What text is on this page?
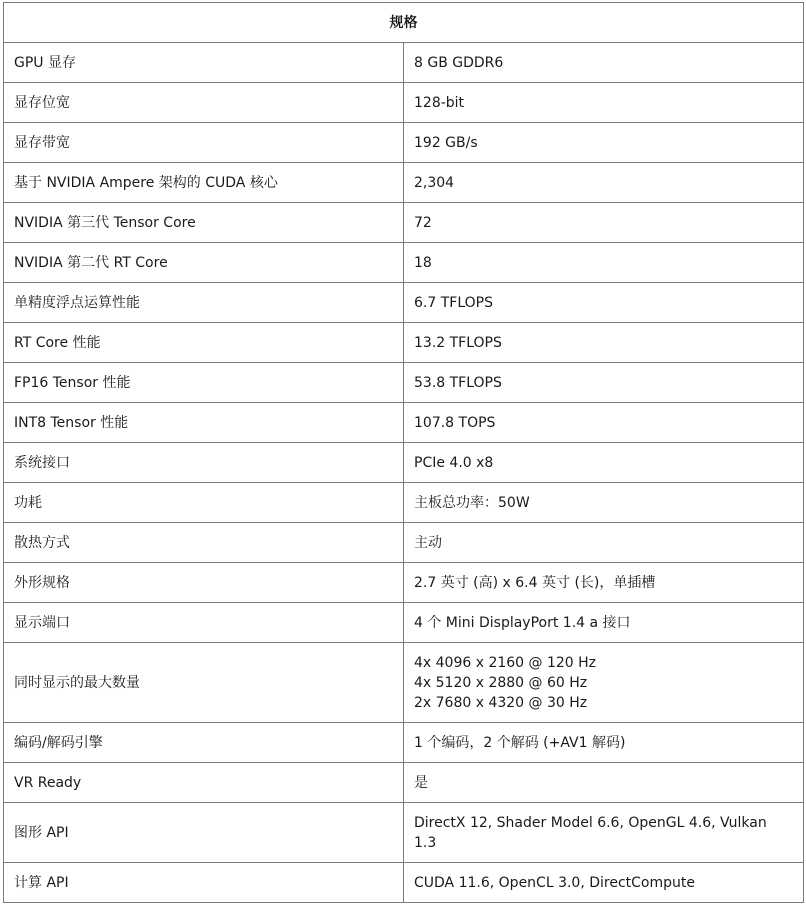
规格	
GPU 显存	8 GB GDDR6
显存位宽	128-bit
显存带宽	192 GB/s
基于 NVIDIA Ampere 架构的 CUDA 核心	2,304
NVIDIA 第三代 Tensor Core	72
NVIDIA 第二代 RT Core	18
单精度浮点运算性能	6.7 TFLOPS
RT Core 性能	13.2 TFLOPS
FP16 Tensor 性能	53.8 TFLOPS
INT8 Tensor 性能	107.8 TOPS
系统接口	PCIe 4.0 x8
功耗	主板总功率：50W
散热方式	主动
外形规格	2.7 英寸 (高) x 6.4 英寸 (长)，单插槽
显示端口	4 个 Mini DisplayPort 1.4 a 接口
同时显示的最大数量	4x 4096 x 2160 @ 120 Hz
4x 5120 x 2880 @ 60 Hz
2x 7680 x 4320 @ 30 Hz

编码/解码引擎	1 个编码，2 个解码 (+AV1 解码)
VR Ready	是
图形 API	DirectX 12, Shader Model 6.6, OpenGL 4.6, Vulkan
1.3

计算 API	CUDA 11.6, OpenCL 3.0, DirectCompute
